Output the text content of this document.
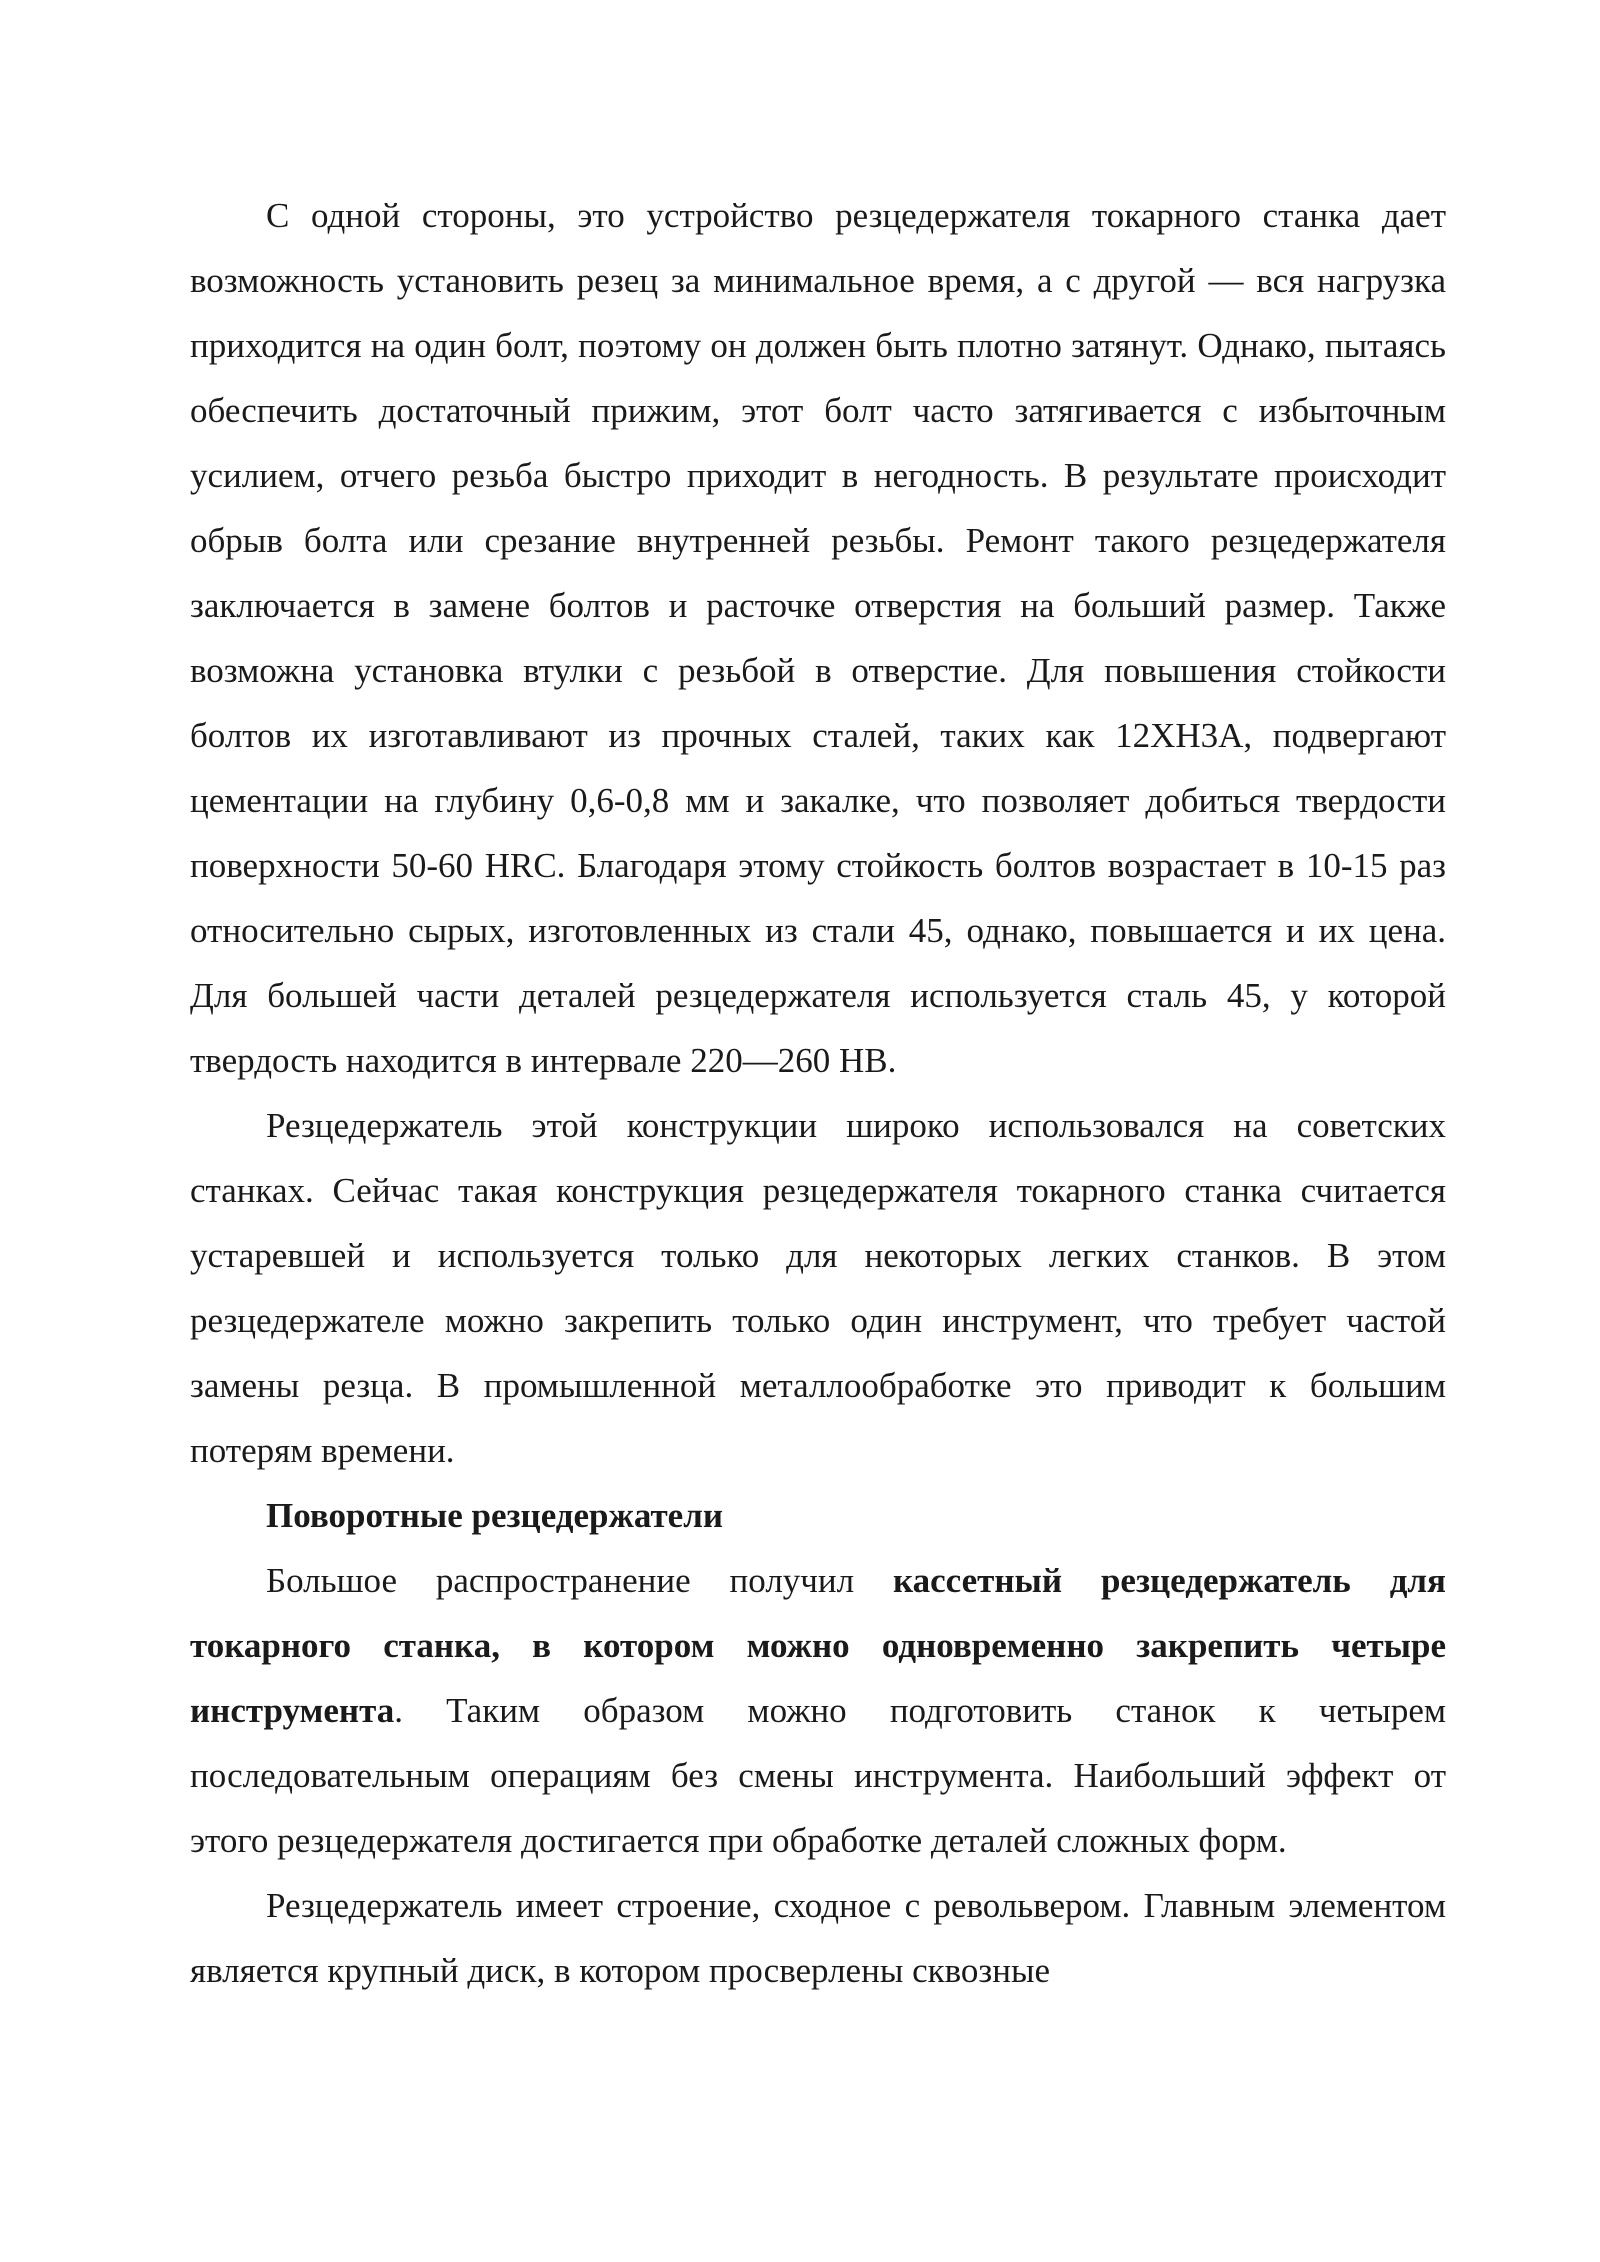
С одной стороны, это устройство резцедержателя токарного станка дает возможность установить резец за минимальное время, а с другой — вся нагрузка приходится на один болт, поэтому он должен быть плотно затянут. Однако, пытаясь обеспечить достаточный прижим, этот болт часто затягивается с избыточным усилием, отчего резьба быстро приходит в негодность. В результате происходит обрыв болта или срезание внутренней резьбы. Ремонт такого резцедержателя заключается в замене болтов и расточке отверстия на больший размер. Также возможна установка втулки с резьбой в отверстие. Для повышения стойкости болтов их изготавливают из прочных сталей, таких как 12ХН3А, подвергают цементации на глубину 0,6-0,8 мм и закалке, что позволяет добиться твердости поверхности 50-60 HRC. Благодаря этому стойкость болтов возрастает в 10-15 раз относительно сырых, изготовленных из стали 45, однако, повышается и их цена. Для большей части деталей резцедержателя используется сталь 45, у которой твердость находится в интервале 220—260 НВ.

Резцедержатель этой конструкции широко использовался на советских станках. Сейчас такая конструкция резцедержателя токарного станка считается устаревшей и используется только для некоторых легких станков. В этом резцедержателе можно закрепить только один инструмент, что требует частой замены резца. В промышленной металлообработке это приводит к большим потерям времени.

Поворотные резцедержатели

Большое распространение получил кассетный резцедержатель для токарного станка, в котором можно одновременно закрепить четыре инструмента. Таким образом можно подготовить станок к четырем последовательным операциям без смены инструмента. Наибольший эффект от этого резцедержателя достигается при обработке деталей сложных форм.

Резцедержатель имеет строение, сходное с револьвером. Главным элементом является крупный диск, в котором просверлены сквозные
